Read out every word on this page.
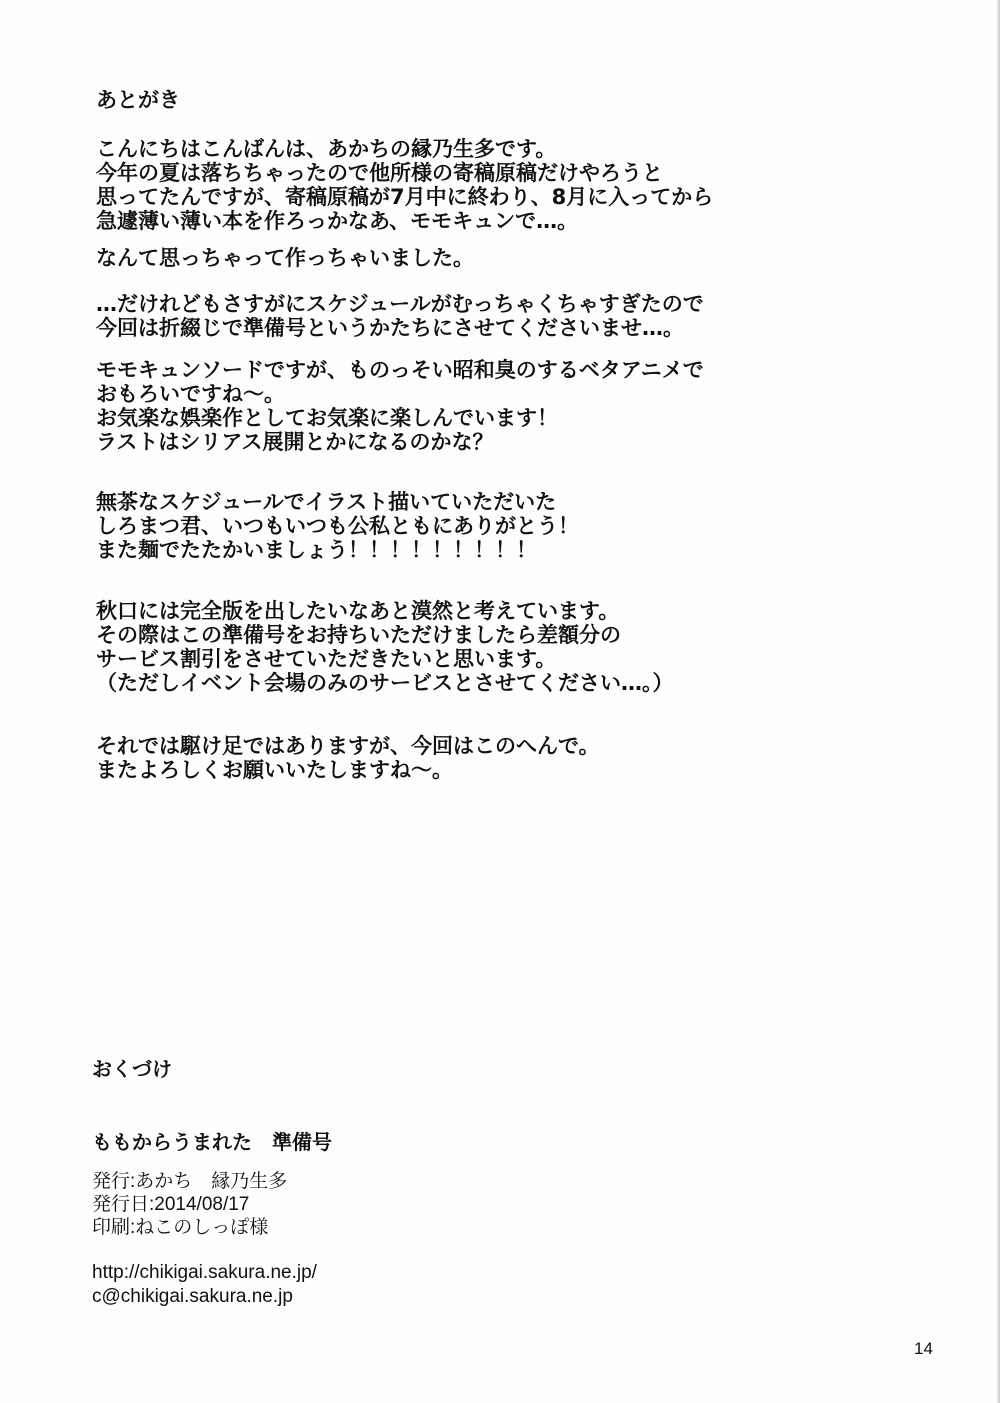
あとがき

こんにちはこんばんは、あかちの縁乃生多です。
今年の夏は落ちちゃったので他所様の寄稿原稿だけやろうと
思ってたんですが、寄稿原稿が7月中に終わり、8月に入ってから
急遽薄い薄い本を作ろっかなあ、モモキュンで…。

なんて思っちゃって作っちゃいました。

…だけれどもさすがにスケジュールがむっちゃくちゃすぎたので
今回は折綴じで準備号というかたちにさせてくださいませ…。

モモキュンソードですが、ものっそい昭和臭のするベタアニメで
おもろいですね～。
お気楽な娯楽作としてお気楽に楽しんでいます！
ラストはシリアス展開とかになるのかな？

無茶なスケジュールでイラスト描いていただいた
しろまつ君、いつもいつも公私ともにありがとう！
また麺でたたかいましょう！！！！！！！！！

秋口には完全版を出したいなあと漠然と考えています。
その際はこの準備号をお持ちいただけましたら差額分の
サービス割引をさせていただきたいと思います。
（ただしイベント会場のみのサービスとさせてください…。）

それでは駆け足ではありますが、今回はこのへんで。
またよろしくお願いいたしますね～。

おくづけ
ももからうまれた　準備号
発行:あかち　縁乃生多
発行日:2014/08/17
印刷:ねこのしっぽ様
http://chikigai.sakura.ne.jp/
c@chikigai.sakura.ne.jp
14
